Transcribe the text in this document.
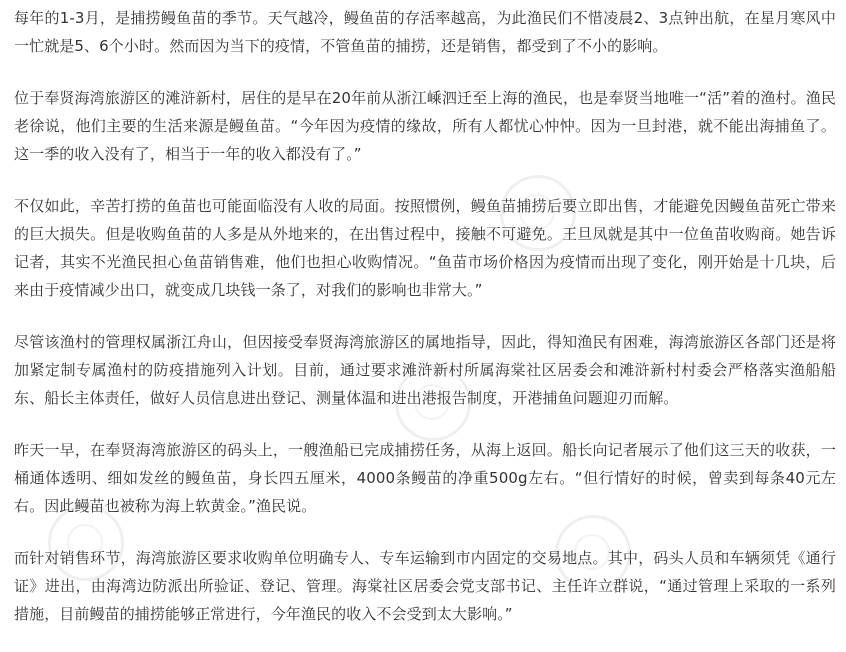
每年的1-3月，是捕捞鳗鱼苗的季节。天气越冷，鳗鱼苗的存活率越高，为此渔民们不惜凌晨2、3点钟出航，在星月寒风中一忙就是5、6个小时。然而因为当下的疫情，不管鱼苗的捕捞，还是销售，都受到了不小的影响。

位于奉贤海湾旅游区的滩浒新村，居住的是早在20年前从浙江嵊泗迁至上海的渔民，也是奉贤当地唯一“活”着的渔村。渔民老徐说，他们主要的生活来源是鳗鱼苗。“今年因为疫情的缘故，所有人都忧心忡忡。因为一旦封港，就不能出海捕鱼了。这一季的收入没有了，相当于一年的收入都没有了。”

不仅如此，辛苦打捞的鱼苗也可能面临没有人收的局面。按照惯例，鳗鱼苗捕捞后要立即出售，才能避免因鳗鱼苗死亡带来的巨大损失。但是收购鱼苗的人多是从外地来的，在出售过程中，接触不可避免。王旦凤就是其中一位鱼苗收购商。她告诉记者，其实不光渔民担心鱼苗销售难，他们也担心收购情况。“鱼苗市场价格因为疫情而出现了变化，刚开始是十几块，后来由于疫情减少出口，就变成几块钱一条了，对我们的影响也非常大。”

尽管该渔村的管理权属浙江舟山，但因接受奉贤海湾旅游区的属地指导，因此，得知渔民有困难，海湾旅游区各部门还是将加紧定制专属渔村的防疫措施列入计划。目前，通过要求滩浒新村所属海棠社区居委会和滩浒新村村委会严格落实渔船船东、船长主体责任，做好人员信息进出登记、测量体温和进出港报告制度，开港捕鱼问题迎刃而解。

昨天一早，在奉贤海湾旅游区的码头上，一艘渔船已完成捕捞任务，从海上返回。船长向记者展示了他们这三天的收获，一桶通体透明、细如发丝的鳗鱼苗，身长四五厘米，4000条鳗苗的净重500g左右。“但行情好的时候，曾卖到每条40元左右。因此鳗苗也被称为海上软黄金。”渔民说。

而针对销售环节，海湾旅游区要求收购单位明确专人、专车运输到市内固定的交易地点。其中，码头人员和车辆须凭《通行证》进出，由海湾边防派出所验证、登记、管理。海棠社区居委会党支部书记、主任许立群说，“通过管理上采取的一系列措施，目前鳗苗的捕捞能够正常进行，今年渔民的收入不会受到太大影响。”
